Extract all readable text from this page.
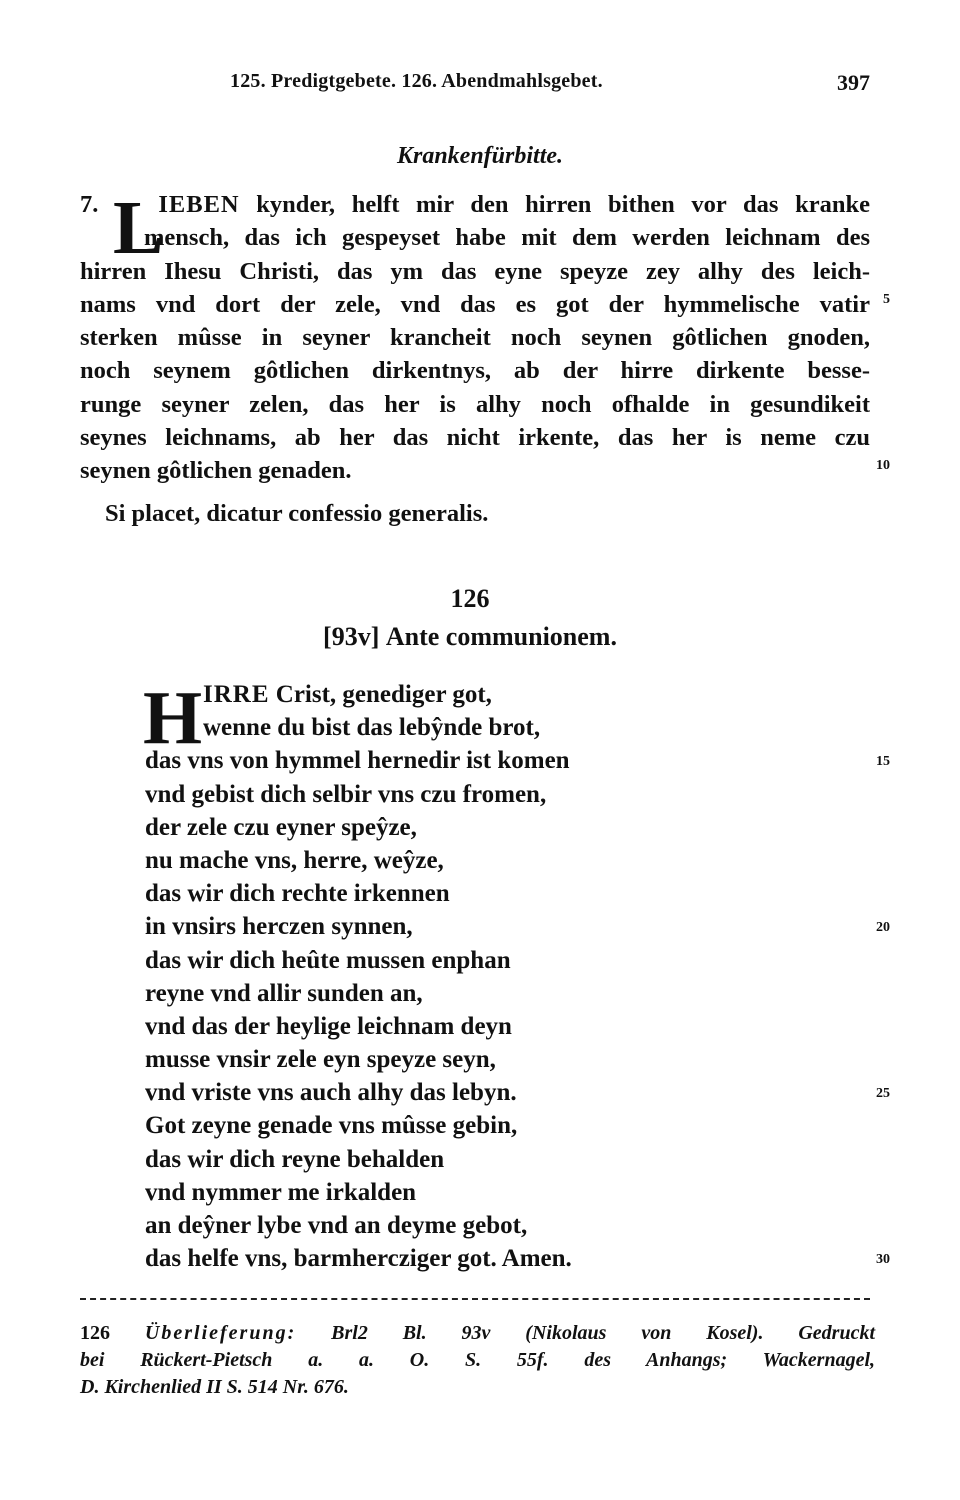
125. Predigtgebete. 126. Abendmahlsgebet.	397
Krankenfürbitte.
L
7. IEBEN kynder, helft mir den hirren bithen vor das kranke
mensch, das ich gespeyset habe mit dem werden leichnam des
hirren Ihesu Christi, das ym das eyne speyze zey alhy des leich-
nams vnd dort der zele, vnd das es got der hymmelische vatir
sterken mûsse in seyner krancheit noch seynen gôtlichen gnoden,
noch seynem gôtlichen dirkentnys, ab der hirre dirkente besse-
runge seyner zelen, das her is alhy noch ofhalde in gesundikeit
seynes leichnams, ab her das nicht irkente, das her is neme czu
seynen gôtlichen genaden.
5
10
Si placet, dicatur confessio generalis.
126
[93v] Ante communionem.
H IRRE Crist, genediger got,
wenne du bist das lebŷnde brot,
das vns von hymmel hernedir ist komen
vnd gebist dich selbir vns czu fromen,
der zele czu eyner speŷze,
nu mache vns, herre, weŷze,
das wir dich rechte irkennen
in vnsirs herczen synnen,
das wir dich heûte mussen enphan
reyne vnd allir sunden an,
vnd das der heylige leichnam deyn
musse vnsir zele eyn speyze seyn,
vnd vriste vns auch alhy das lebyn.
Got zeyne genade vns mûsse gebin,
das wir dich reyne behalden
vnd nymmer me irkalden
an deŷner lybe vnd an deyme gebot,
das helfe vns, barmhercziger got. Amen.
15
20
25
30
126 Überlieferung: Brl2 Bl. 93v (Nikolaus von Kosel). Gedruckt
bei Rückert-Pietsch a. a. O. S. 55f. des Anhangs; Wackernagel,
D. Kirchenlied II S. 514 Nr. 676.
